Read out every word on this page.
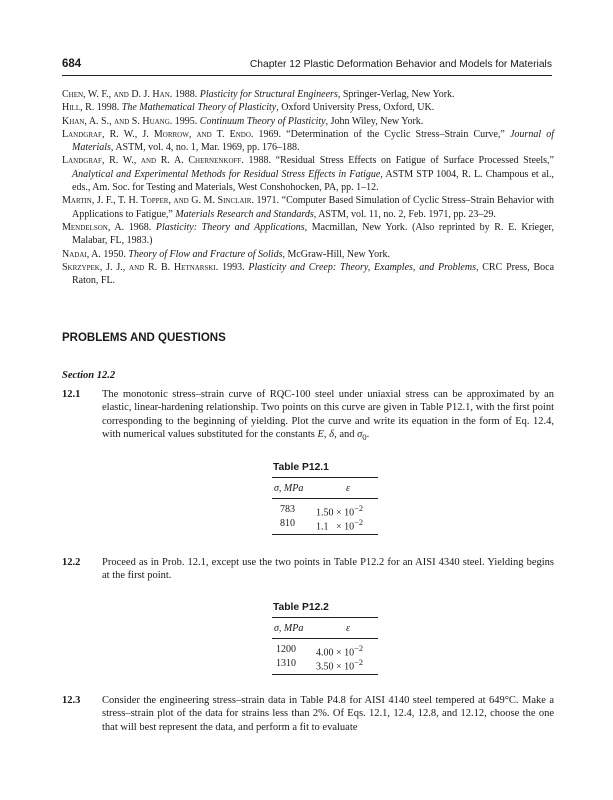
684	Chapter 12 Plastic Deformation Behavior and Models for Materials
Chen, W. F., and D. J. Han. 1988. Plasticity for Structural Engineers, Springer-Verlag, New York.
Hill, R. 1998. The Mathematical Theory of Plasticity, Oxford University Press, Oxford, UK.
Khan, A. S., and S. Huang. 1995. Continuum Theory of Plasticity, John Wiley, New York.
Landgraf, R. W., J. Morrow, and T. Endo. 1969. “Determination of the Cyclic Stress–Strain Curve,” Journal of Materials, ASTM, vol. 4, no. 1, Mar. 1969, pp. 176–188.
Landgraf, R. W., and R. A. Chernenkoff. 1988. “Residual Stress Effects on Fatigue of Surface Processed Steels,” Analytical and Experimental Methods for Residual Stress Effects in Fatigue, ASTM STP 1004, R. L. Champous et al., eds., Am. Soc. for Testing and Materials, West Conshohocken, PA, pp. 1–12.
Martin, J. F., T. H. Topper, and G. M. Sinclair. 1971. “Computer Based Simulation of Cyclic Stress–Strain Behavior with Applications to Fatigue,” Materials Research and Standards, ASTM, vol. 11, no. 2, Feb. 1971, pp. 23–29.
Mendelson, A. 1968. Plasticity: Theory and Applications, Macmillan, New York. (Also reprinted by R. E. Krieger, Malabar, FL, 1983.)
Nadai, A. 1950. Theory of Flow and Fracture of Solids, McGraw-Hill, New York.
Skrzypek, J. J., and R. B. Hetnarski. 1993. Plasticity and Creep: Theory, Examples, and Problems, CRC Press, Boca Raton, FL.
PROBLEMS AND QUESTIONS
Section 12.2
12.1 The monotonic stress–strain curve of RQC-100 steel under uniaxial stress can be approximated by an elastic, linear-hardening relationship. Two points on this curve are given in Table P12.1, with the first point corresponding to the beginning of yielding. Plot the curve and write its equation in the form of Eq. 12.4, with numerical values substituted for the constants E, δ, and $\sigma_0$.
Table P12.1
σ, MPa	ε
783 $1.50 \times 10^{-2}$
810 $1.1 \times 10^{-2}$
12.2 Proceed as in Prob. 12.1, except use the two points in Table P12.2 for an AISI 4340 steel. Yielding begins at the first point.
Table P12.2
σ, MPa	ε
1200 $4.00 \times 10^{-2}$
1310 $3.50 \times 10^{-2}$
12.3 Consider the engineering stress–strain data in Table P4.8 for AISI 4140 steel tempered at 649°C. Make a stress–strain plot of the data for strains less than 2%. Of Eqs. 12.1, 12.4, 12.8, and 12.12, choose the one that will best represent the data, and perform a fit to evaluate
